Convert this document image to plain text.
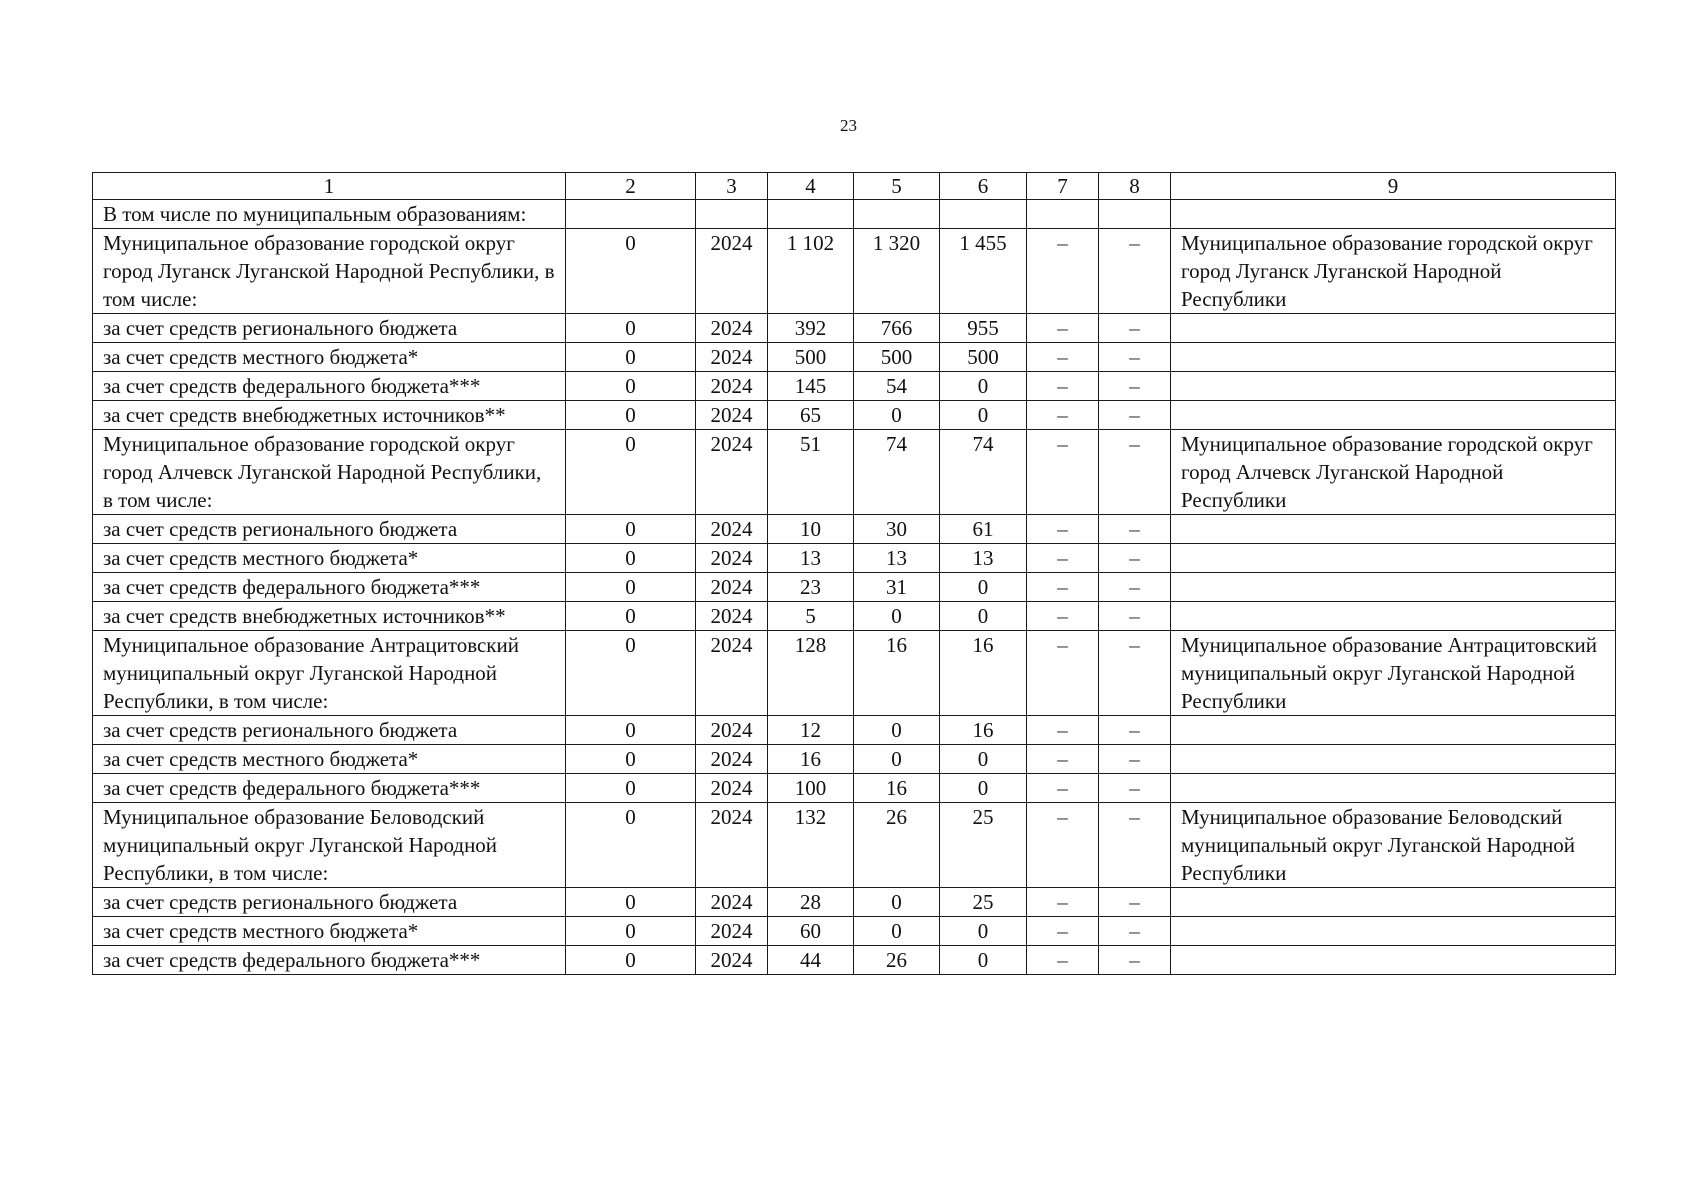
23
1	2	3	4	5	6	7	8	9
В том числе по муниципальным образованиям:								
Муниципальное образование городской округ город Луганск Луганской Народной Республики, в том числе:	0	2024	1 102	1 320	1 455	–	–	Муниципальное образование городской округ город Луганск Луганской Народной Республики
за счет средств регионального бюджета	0	2024	392	766	955	–	–	
за счет средств местного бюджета*	0	2024	500	500	500	–	–	
за счет средств федерального бюджета***	0	2024	145	54	0	–	–	
за счет средств внебюджетных источников**	0	2024	65	0	0	–	–	
Муниципальное образование городской округ город Алчевск Луганской Народной Республики, в том числе:	0	2024	51	74	74	–	–	Муниципальное образование городской округ город Алчевск Луганской Народной Республики
за счет средств регионального бюджета	0	2024	10	30	61	–	–	
за счет средств местного бюджета*	0	2024	13	13	13	–	–	
за счет средств федерального бюджета***	0	2024	23	31	0	–	–	
за счет средств внебюджетных источников**	0	2024	5	0	0	–	–	
Муниципальное образование Антрацитовский муниципальный округ Луганской Народной Республики, в том числе:	0	2024	128	16	16	–	–	Муниципальное образование Антрацитовский муниципальный округ Луганской Народной Республики
за счет средств регионального бюджета	0	2024	12	0	16	–	–	
за счет средств местного бюджета*	0	2024	16	0	0	–	–	
за счет средств федерального бюджета***	0	2024	100	16	0	–	–	
Муниципальное образование Беловодский муниципальный округ Луганской Народной Республики, в том числе:	0	2024	132	26	25	–	–	Муниципальное образование Беловодский муниципальный округ Луганской Народной Республики
за счет средств регионального бюджета	0	2024	28	0	25	–	–	
за счет средств местного бюджета*	0	2024	60	0	0	–	–	
за счет средств федерального бюджета***	0	2024	44	26	0	–	–	
